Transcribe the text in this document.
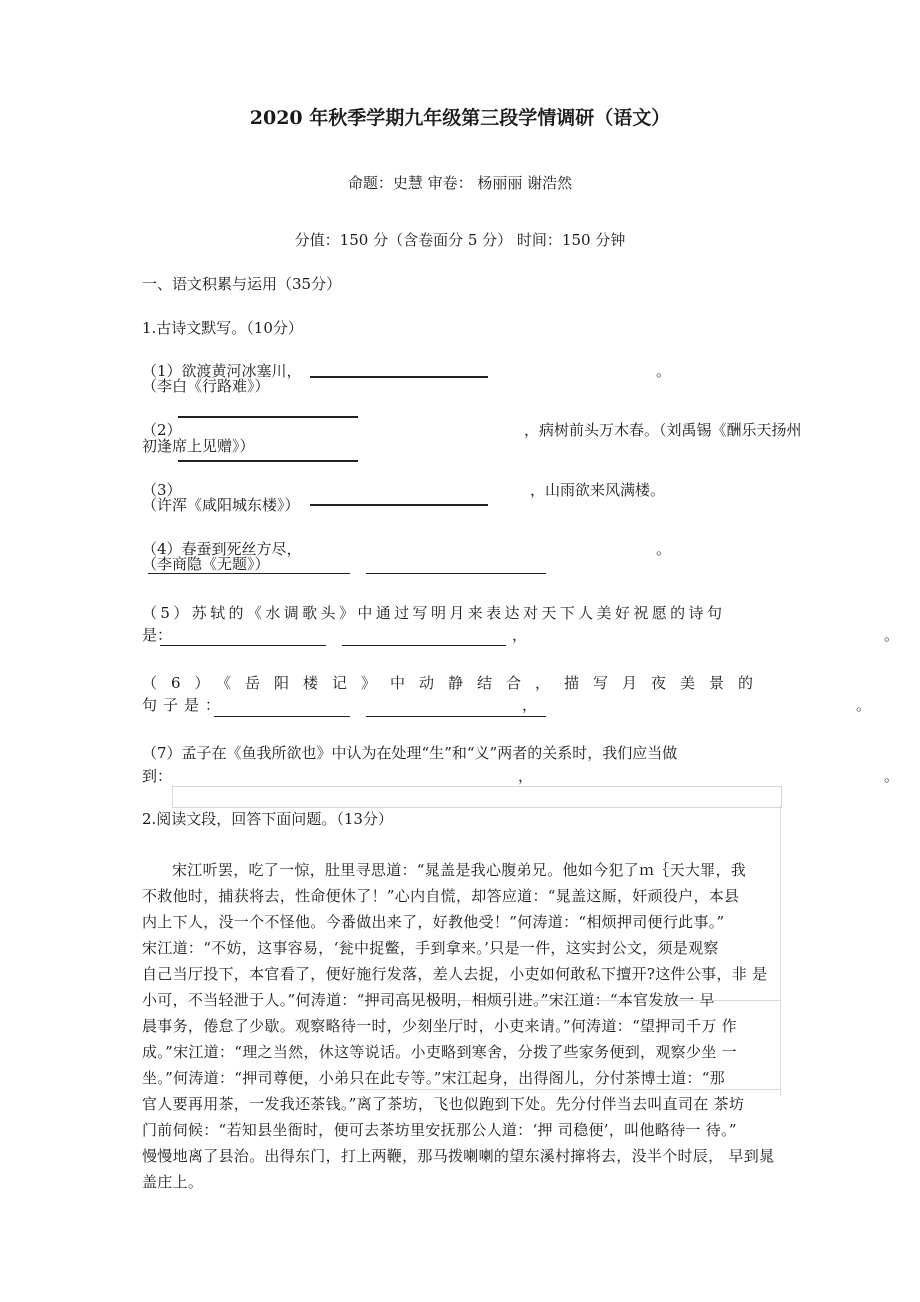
2020 年秋季学期九年级第三段学情调研（语文）
命题：史慧 审卷： 杨丽丽 谢浩然
分值：150 分（含卷面分 5 分） 时间：150 分钟
一、语文积累与运用（35分）
1.古诗文默写。（10分）
（1）欲渡黄河冰塞川，	。
（李白《行路难》）
（2）	，病树前头万木春。（刘禹锡《酬乐天扬州
初逢席上见赠》）
（3）	，山雨欲来风满楼。
（许浑《咸阳城东楼》）
（4）春蚕到死丝方尽，	。
（李商隐《无题》）
（5）苏轼的《水调歌头》中通过写明月来表达对天下人美好祝愿的诗句
是：	，	。
（6）《岳阳楼记》中动静结合，描写月夜美景的
句子是：	，	。
（7）孟子在《鱼我所欲也》中认为在处理“生”和“义”两者的关系时，我们应当做
到：	，	。
2.阅读文段，回答下面问题。（13分）

宋江听罢，吃了一惊，肚里寻思道：“晁盖是我心腹弟兄。他如今犯了ｍ｛天大罪，我

不救他时，捕获将去，性命便休了！”心内自慌，却答应道：“晁盖这厮，奸顽役户，本县

内上下人，没一个不怪他。今番做出来了，好教他受！”何涛道：“相烦押司便行此事。”

宋江道：“不妨，这事容易，‘瓮中捉鳖，手到拿来。’只是一件，这实封公文，须是观察

自己当厅投下，本官看了，便好施行发落，差人去捉，小吏如何敢私下擅开?这件公事，非 是

小可，不当轻泄于人。”何涛道：“押司高见极明，相烦引进。”宋江道：“本官发放一 早

晨事务，倦怠了少歇。观察略待一时，少刻坐厅时，小吏来请。”何涛道：“望押司千万 作

成。”宋江道：“理之当然，休这等说话。小吏略到寒舍，分拨了些家务便到，观察少坐 一

坐。”何涛道：“押司尊便，小弟只在此专等。”宋江起身，出得阁儿，分付茶博士道：“那

官人要再用茶，一发我还茶钱。”离了茶坊，飞也似跑到下处。先分付伴当去叫直司在 茶坊

门前伺候：“若知县坐衙时，便可去茶坊里安抚那公人道：‘押 司稳便’，叫他略待一 待。”

慢慢地离了县治。出得东门，打上两鞭，那马拨喇喇的望东溪村撺将去，没半个时辰， 早到晁

盖庄上。
